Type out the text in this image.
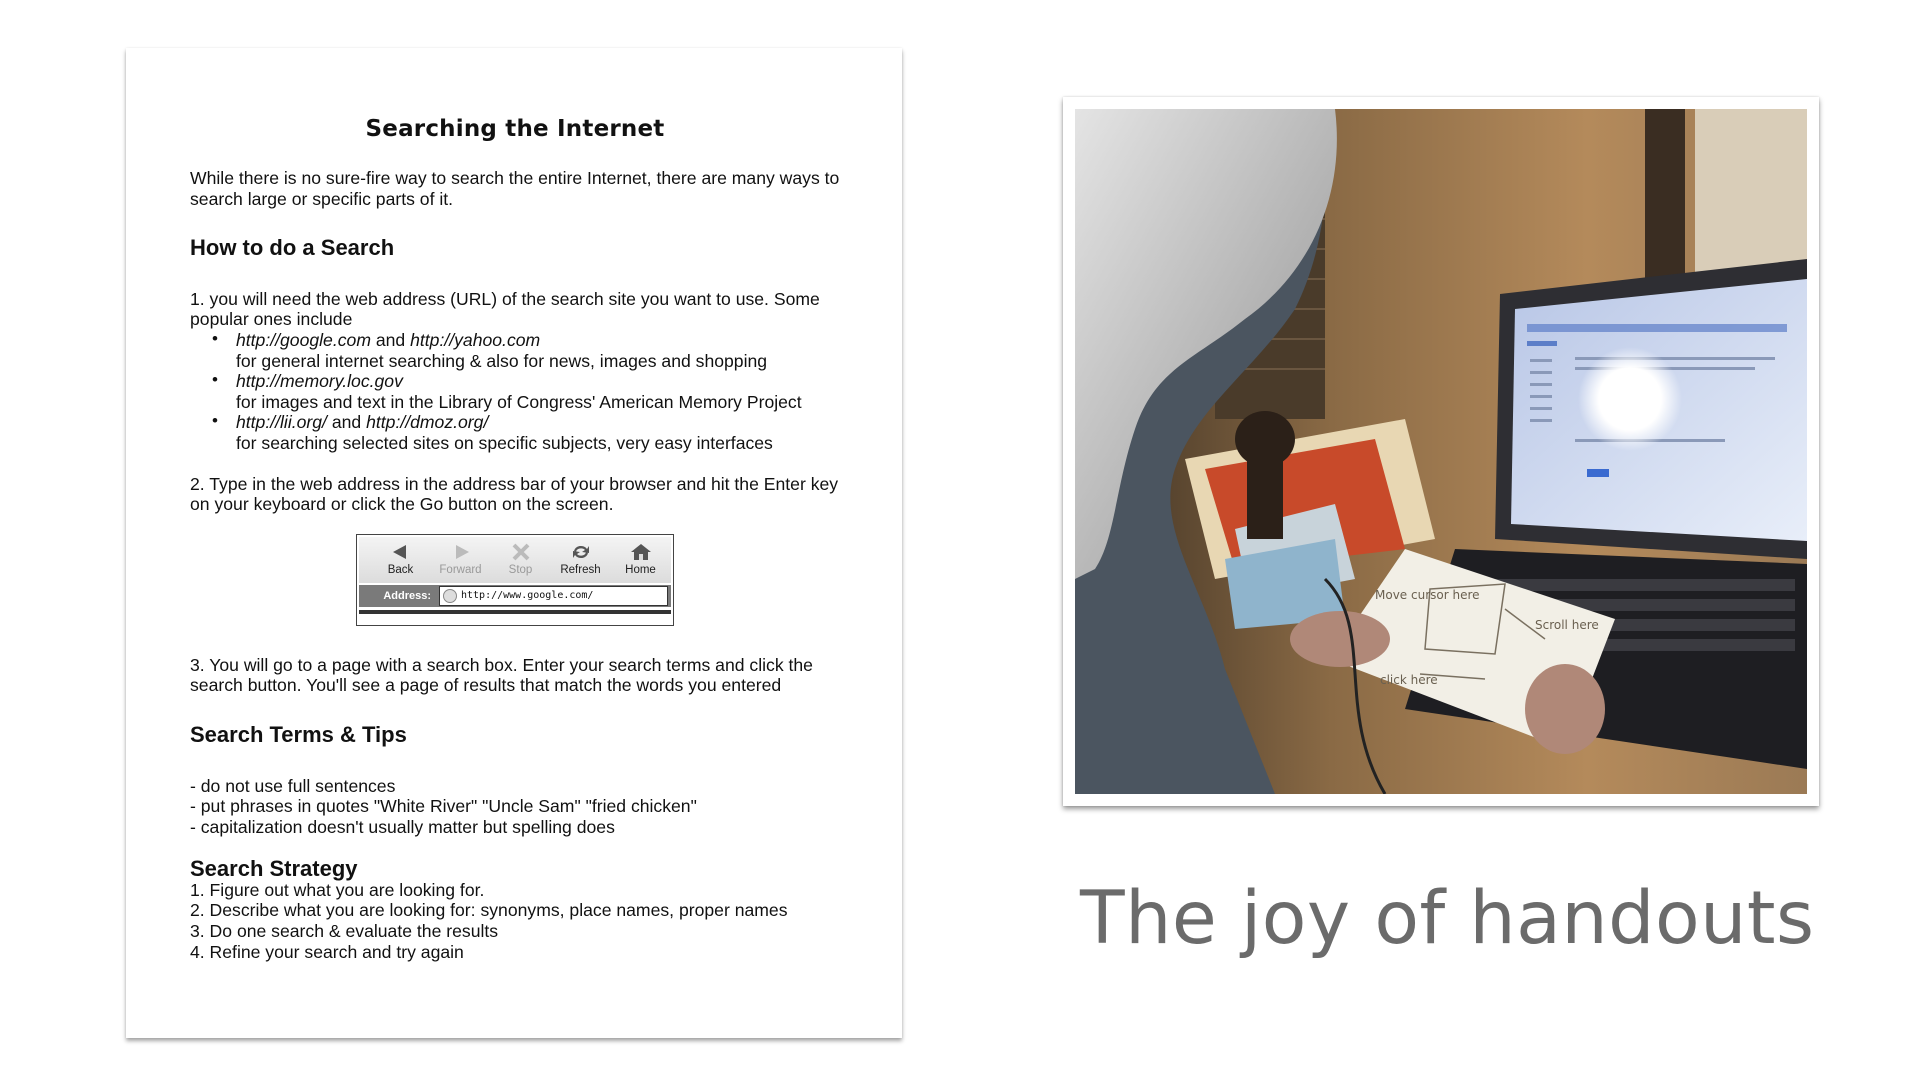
Searching the Internet

While there is no sure-fire way to search the entire Internet, there are many ways to search large or specific parts of it.

How to do a Search

1. you will need the web address (URL) of the search site you want to use. Some popular ones include

• http://google.com and http://yahoo.com
for general internet searching & also for news, images and shopping
• http://memory.loc.gov
for images and text in the Library of Congress' American Memory Project
• http://lii.org/ and http://dmoz.org/
for searching selected sites on specific subjects, very easy interfaces

2. Type in the web address in the address bar of your browser and hit the Enter key on your keyboard or click the Go button on the screen.

Back Forward Stop Refresh Home
Address:	http://www.google.com/

3. You will go to a page with a search box. Enter your search terms and click the search button. You'll see a page of results that match the words you entered

Search Terms & Tips

- do not use full sentences

- put phrases in quotes "White River" "Uncle Sam" "fried chicken"

- capitalization doesn't usually matter but spelling does

Search Strategy

1. Figure out what you are looking for.

2. Describe what you are looking for: synonyms, place names, proper names

3. Do one search & evaluate the results

4. Refine your search and try again

Move cursor here
Scroll here
click here
The joy of handouts
